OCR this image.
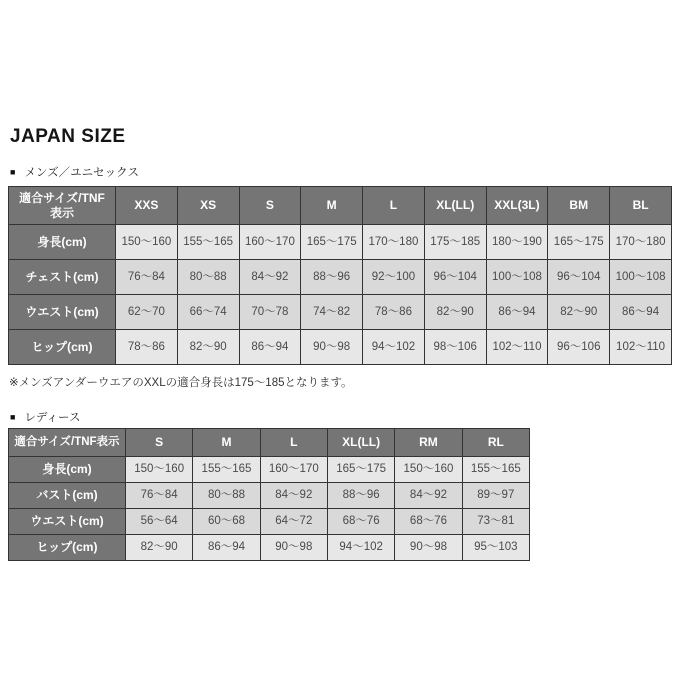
JAPAN SIZE
■ メンズ／ユニセックス
適合サイズ/TNF表示	XXS	XS	S	M	L	XL(LL)	XXL(3L)	BM	BL
身長(cm)	150～160	155～165	160～170	165～175	170～180	175～185	180～190	165～175	170～180
チェスト(cm)	76～84	80～88	84～92	88～96	92～100	96～104	100～108	96～104	100～108
ウエスト(cm)	62～70	66～74	70～78	74～82	78～86	82～90	86～94	82～90	86～94
ヒップ(cm)	78～86	82～90	86～94	90～98	94～102	98～106	102～110	96～106	102～110
※メンズアンダーウエアのXXLの適合身長は175～185となります。
■ レディース
適合サイズ/TNF表示	S	M	L	XL(LL)	RM	RL
身長(cm)	150～160	155～165	160～170	165～175	150～160	155～165
バスト(cm)	76～84	80～88	84～92	88～96	84～92	89～97
ウエスト(cm)	56～64	60～68	64～72	68～76	68～76	73～81
ヒップ(cm)	82～90	86～94	90～98	94～102	90～98	95～103
